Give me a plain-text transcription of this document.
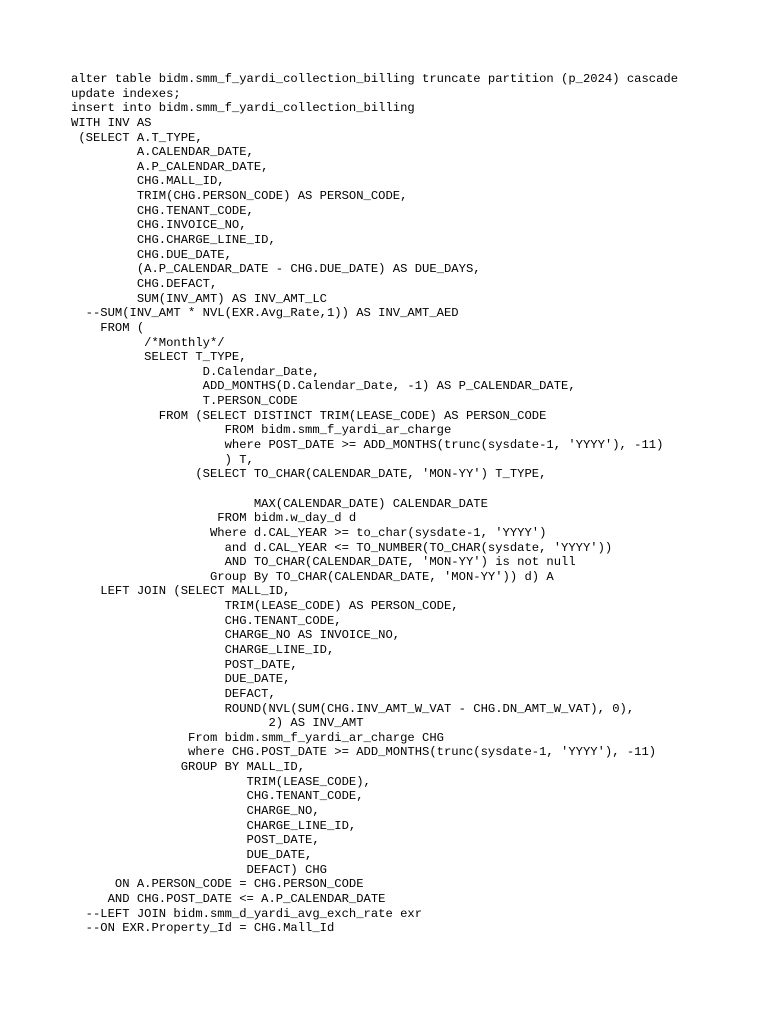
alter table bidm.smm_f_yardi_collection_billing truncate partition (p_2024) cascade
update indexes;
insert into bidm.smm_f_yardi_collection_billing
WITH INV AS
(SELECT A.T_TYPE,
A.CALENDAR_DATE,
A.P_CALENDAR_DATE,
CHG.MALL_ID,
TRIM(CHG.PERSON_CODE) AS PERSON_CODE,
CHG.TENANT_CODE,
CHG.INVOICE_NO,
CHG.CHARGE_LINE_ID,
CHG.DUE_DATE,
(A.P_CALENDAR_DATE - CHG.DUE_DATE) AS DUE_DAYS,
CHG.DEFACT,
SUM(INV_AMT) AS INV_AMT_LC
--SUM(INV_AMT * NVL(EXR.Avg_Rate,1)) AS INV_AMT_AED
FROM (
/*Monthly*/
SELECT T_TYPE,
D.Calendar_Date,
ADD_MONTHS(D.Calendar_Date, -1) AS P_CALENDAR_DATE,
T.PERSON_CODE
FROM (SELECT DISTINCT TRIM(LEASE_CODE) AS PERSON_CODE
FROM bidm.smm_f_yardi_ar_charge
where POST_DATE >= ADD_MONTHS(trunc(sysdate-1, 'YYYY'), -11)
) T,
(SELECT TO_CHAR(CALENDAR_DATE, 'MON-YY') T_TYPE,
MAX(CALENDAR_DATE) CALENDAR_DATE
FROM bidm.w_day_d d
Where d.CAL_YEAR >= to_char(sysdate-1, 'YYYY')
and d.CAL_YEAR <= TO_NUMBER(TO_CHAR(sysdate, 'YYYY'))
AND TO_CHAR(CALENDAR_DATE, 'MON-YY') is not null
Group By TO_CHAR(CALENDAR_DATE, 'MON-YY')) d) A
LEFT JOIN (SELECT MALL_ID,
TRIM(LEASE_CODE) AS PERSON_CODE,
CHG.TENANT_CODE,
CHARGE_NO AS INVOICE_NO,
CHARGE_LINE_ID,
POST_DATE,
DUE_DATE,
DEFACT,
ROUND(NVL(SUM(CHG.INV_AMT_W_VAT - CHG.DN_AMT_W_VAT), 0),
2) AS INV_AMT
From bidm.smm_f_yardi_ar_charge CHG
where CHG.POST_DATE >= ADD_MONTHS(trunc(sysdate-1, 'YYYY'), -11)
GROUP BY MALL_ID,
TRIM(LEASE_CODE),
CHG.TENANT_CODE,
CHARGE_NO,
CHARGE_LINE_ID,
POST_DATE,
DUE_DATE,
DEFACT) CHG
ON A.PERSON_CODE = CHG.PERSON_CODE
AND CHG.POST_DATE <= A.P_CALENDAR_DATE
--LEFT JOIN bidm.smm_d_yardi_avg_exch_rate exr
--ON EXR.Property_Id = CHG.Mall_Id
